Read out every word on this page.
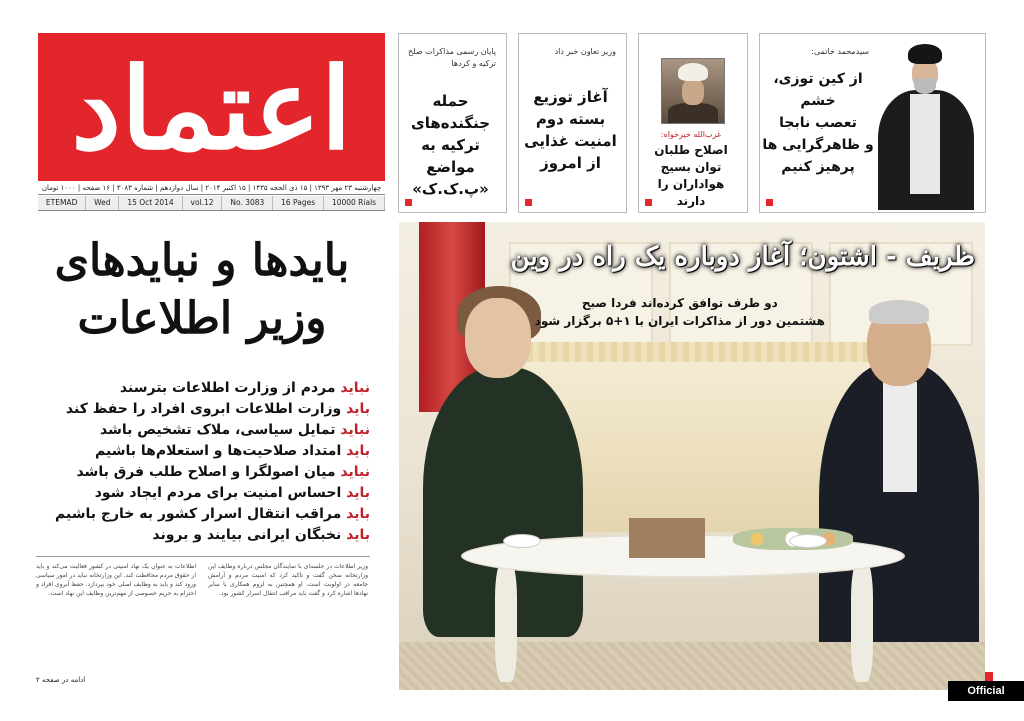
اعتماد
چهارشنبه ۲۳ مهر ۱۳۹۳ | ۱۵ ذی الحجه ۱۴۳۵ | ۱۵ اکتبر ۲۰۱۴ | سال دوازدهم | شماره ۳۰۸۳ | ۱۶ صفحه | ۱۰۰۰ تومان
ETEMAD	Wed	15 Oct 2014	vol.12	No. 3083	16 Pages	10000 Rials
سیدمحمد خاتمی:
از کین توزی، خشم
تعصب نابجا
و ظاهرگرایی ها
پرهیز کنیم
غرب‌الله خیرخواه:
اصلاح طلبان
توان بسیج
هواداران را دارند
وزیر تعاون خبر داد
آغاز توزیع
بسته دوم
امنیت غذایی
از امروز
پایان رسمی مذاکرات صلح ترکیه و کردها
حمله
جنگنده‌های
ترکیه به مواضع
«پ.ک.ک»
بایدها و نبایدهای
وزیر اطلاعات
نباید مردم از وزارت اطلاعات بترسند
باید وزارت اطلاعات ابروی افراد را حفظ کند
نباید تمایل سیاسی، ملاک تشخیص باشد
باید امتداد صلاحیت‌ها و استعلام‌ها باشیم
نباید میان اصولگرا و اصلاح طلب فرق باشد
باید احساس امنیت برای مردم ایجاد شود
باید مراقب انتقال اسرار کشور به خارج باشیم
باید نخبگان ایرانی بیایند و بروند
اطلاعات به عنوان یک نهاد امنیتی در کشور فعالیت می‌کند و باید از حقوق مردم محافظت کند. این وزارتخانه نباید در امور سیاسی ورود کند و باید به وظایف اصلی خود بپردازد. حفظ آبروی افراد و احترام به حریم خصوصی از مهم‌ترین وظایف این نهاد است.
وزیر اطلاعات در جلسه‌ای با نمایندگان مجلس درباره وظایف این وزارتخانه سخن گفت و تاکید کرد که امنیت مردم و آرامش جامعه در اولویت است. او همچنین به لزوم همکاری با سایر نهادها اشاره کرد و گفت باید مراقب انتقال اسرار کشور بود.
ادامه در صفحه ۲
ظریف - اشتون؛ آغاز دوباره یک راه در وین
دو طرف توافق کرده‌اند فردا صبح
هشتمین دور از مذاکرات ایران با ۱+۵ برگزار شود
Official website
